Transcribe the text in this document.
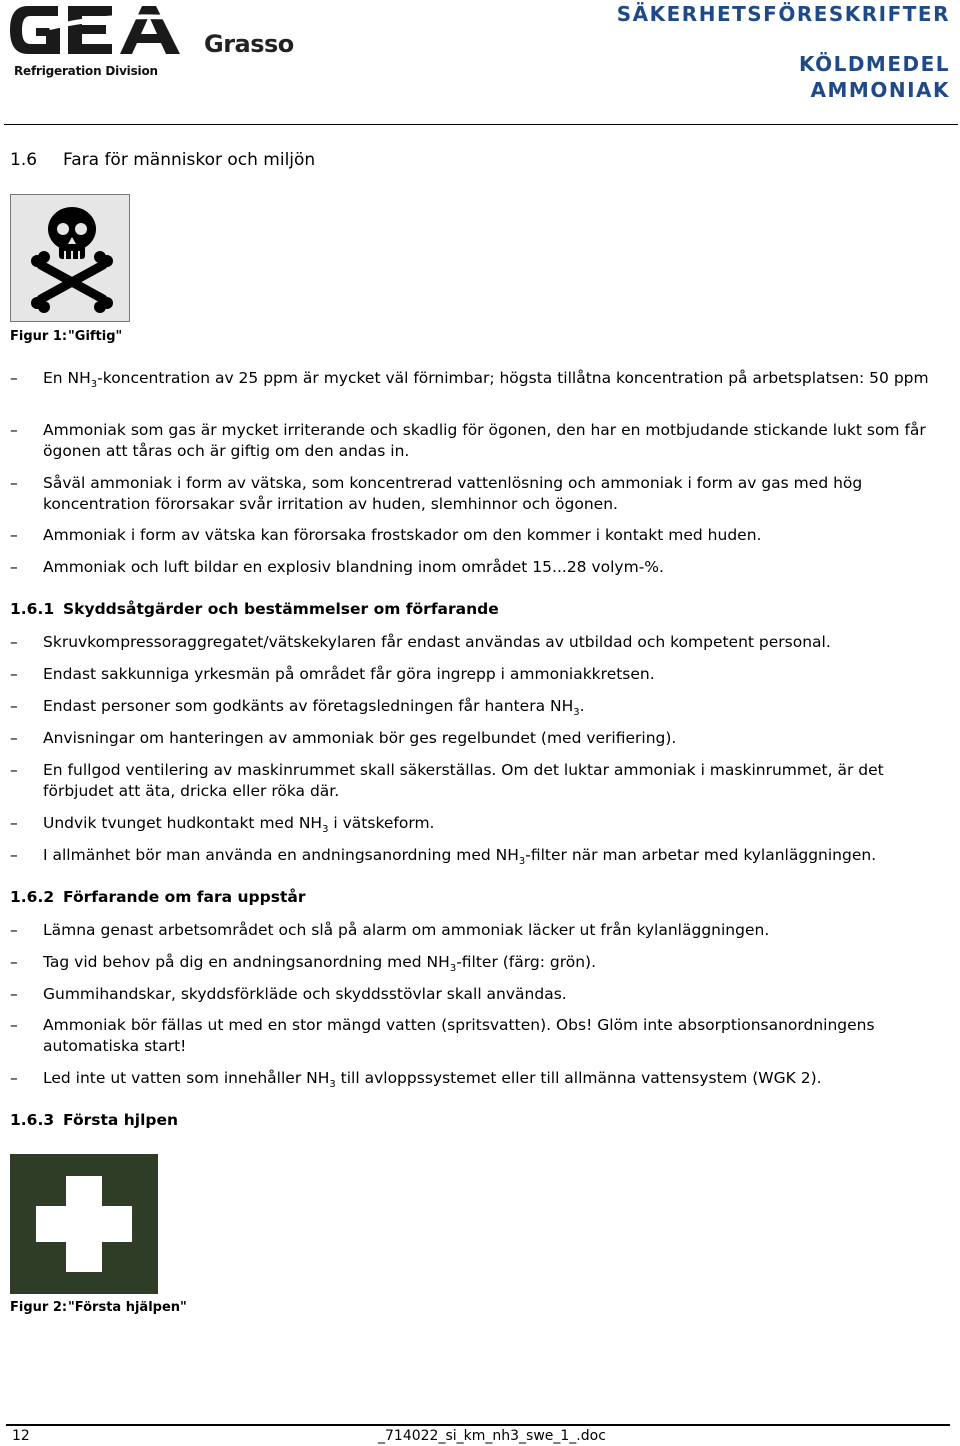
Refrigeration Division
Grasso
SÄKERHETSFÖRESKRIFTER
KÖLDMEDEL
AMMONIAK
1.6 Fara för människor och miljön
Figur 1:"Giftig"
– En $NH_3$-koncentration av 25 ppm är mycket väl förnimbar; högsta tillåtna koncentration på arbetsplatsen: 50 ppm
– Ammoniak som gas är mycket irriterande och skadlig för ögonen, den har en motbjudande stickande lukt som får ögonen att tåras och är giftig om den andas in.
– Såväl ammoniak i form av vätska, som koncentrerad vattenlösning och ammoniak i form av gas med hög koncentration förorsakar svår irritation av huden, slemhinnor och ögonen.
– Ammoniak i form av vätska kan förorsaka frostskador om den kommer i kontakt med huden.
– Ammoniak och luft bildar en explosiv blandning inom området 15...28 volym-%.
1.6.1 Skyddsåtgärder och bestämmelser om förfarande
– Skruvkompressoraggregatet/vätskekylaren får endast användas av utbildad och kompetent personal.
– Endast sakkunniga yrkesmän på området får göra ingrepp i ammoniakkretsen.
– Endast personer som godkänts av företagsledningen får hantera $NH_3$.
– Anvisningar om hanteringen av ammoniak bör ges regelbundet (med verifiering).
– En fullgod ventilering av maskinrummet skall säkerställas. Om det luktar ammoniak i maskinrummet, är det förbjudet att äta, dricka eller röka där.
– Undvik tvunget hudkontakt med $NH_3$ i vätskeform.
– I allmänhet bör man använda en andningsanordning med $NH_3$-filter när man arbetar med kylanläggningen.
1.6.2 Förfarande om fara uppstår
– Lämna genast arbetsområdet och slå på alarm om ammoniak läcker ut från kylanläggningen.
– Tag vid behov på dig en andningsanordning med $NH_3$-filter (färg: grön).
– Gummihandskar, skyddsförkläde och skyddsstövlar skall användas.
– Ammoniak bör fällas ut med en stor mängd vatten (spritsvatten). Obs! Glöm inte absorptionsanordningens automatiska start!
– Led inte ut vatten som innehåller $NH_3$ till avloppssystemet eller till allmänna vattensystem (WGK 2).
1.6.3 Första hjlpen
Figur 2:"Första hjälpen"
12	_714022_si_km_nh3_swe_1_.doc
